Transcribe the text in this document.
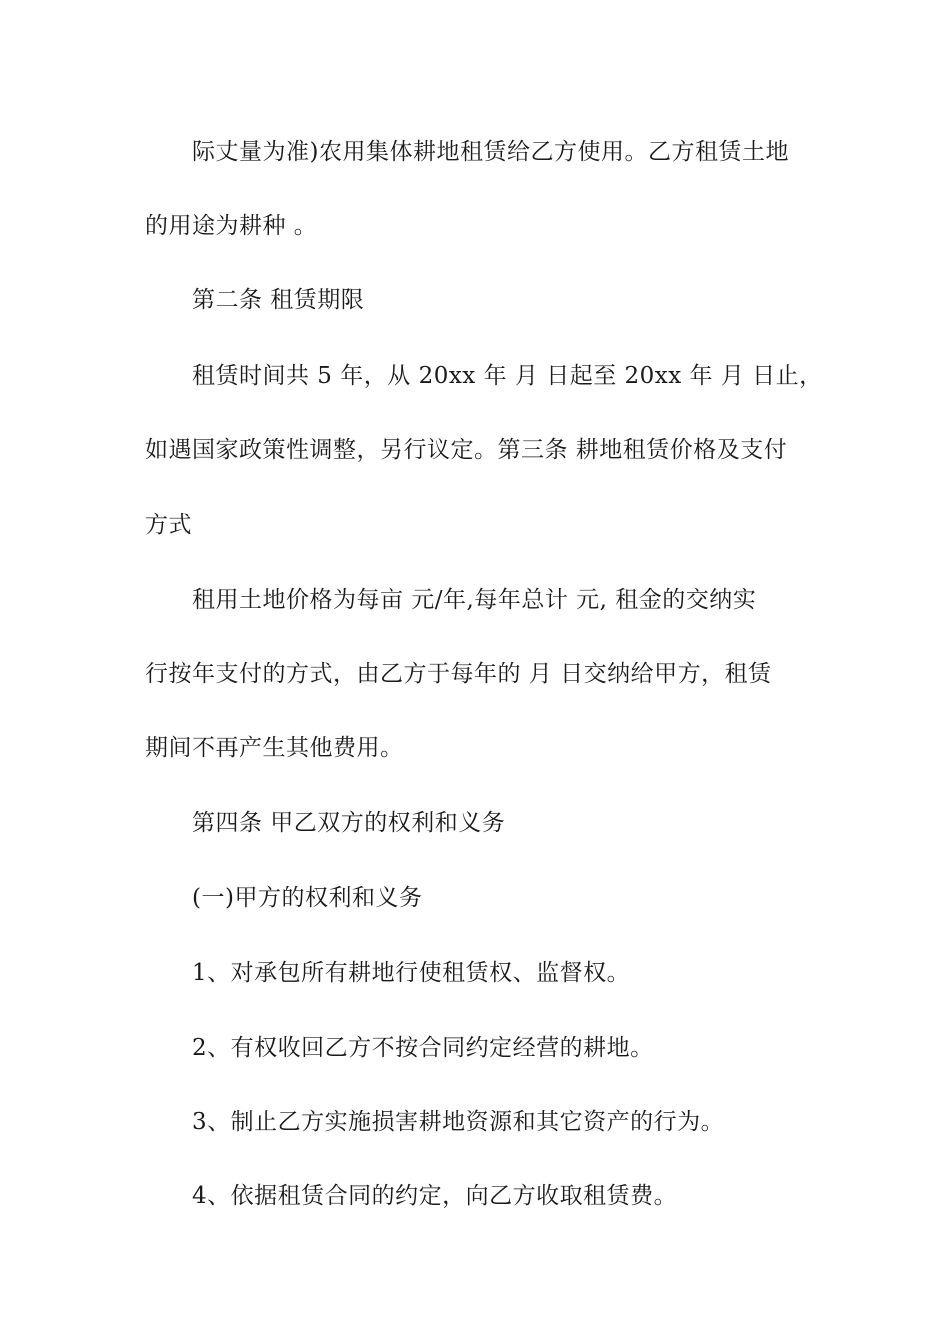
际丈量为准)农用集体耕地租赁给乙方使用。乙方租赁土地
的用途为耕种 。
第二条 租赁期限
租赁时间共 5 年，从 20xx 年 月 日起至 20xx 年 月 日止，
如遇国家政策性调整，另行议定。第三条 耕地租赁价格及支付
方式
租用土地价格为每亩 元/年,每年总计 元, 租金的交纳实
行按年支付的方式，由乙方于每年的 月 日交纳给甲方，租赁
期间不再产生其他费用。
第四条 甲乙双方的权利和义务
(一)甲方的权利和义务
1、对承包所有耕地行使租赁权、监督权。
2、有权收回乙方不按合同约定经营的耕地。
3、制止乙方实施损害耕地资源和其它资产的行为。
4、依据租赁合同的约定，向乙方收取租赁费。
